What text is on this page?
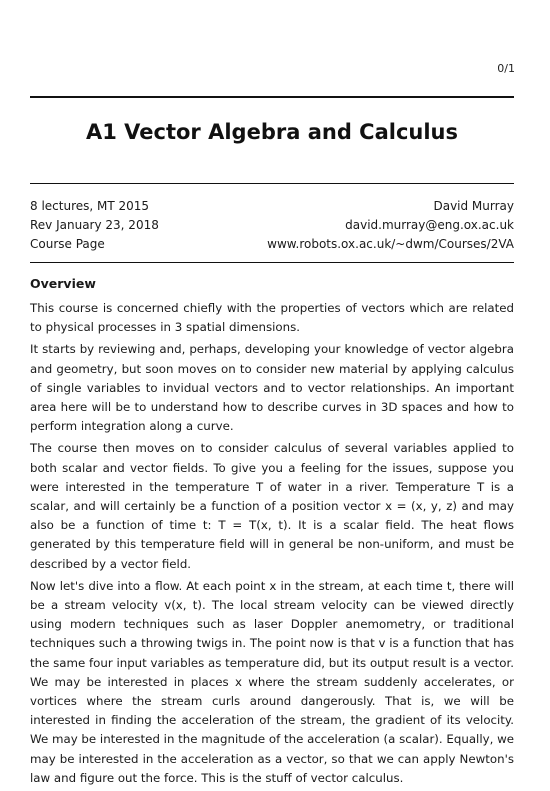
0/1
A1 Vector Algebra and Calculus
8 lectures, MT 2015	David Murray
Rev January 23, 2018	david.murray@eng.ox.ac.uk
Course Page	www.robots.ox.ac.uk/~dwm/Courses/2VA
Overview

This course is concerned chiefly with the properties of vectors which are related to physical processes in 3 spatial dimensions.

It starts by reviewing and, perhaps, developing your knowledge of vector algebra and geometry, but soon moves on to consider new material by applying calculus of single variables to invidual vectors and to vector relationships. An important area here will be to understand how to describe curves in 3D spaces and how to perform integration along a curve.

The course then moves on to consider calculus of several variables applied to both scalar and vector fields. To give you a feeling for the issues, suppose you were interested in the temperature T of water in a river. Temperature T is a scalar, and will certainly be a function of a position vector x = (x, y, z) and may also be a function of time t: T = T(x, t). It is a scalar field. The heat flows generated by this temperature field will in general be non-uniform, and must be described by a vector field.

Now let's dive into a flow. At each point x in the stream, at each time t, there will be a stream velocity v(x, t). The local stream velocity can be viewed directly using modern techniques such as laser Doppler anemometry, or traditional techniques such a throwing twigs in. The point now is that v is a function that has the same four input variables as temperature did, but its output result is a vector. We may be interested in places x where the stream suddenly accelerates, or vortices where the stream curls around dangerously. That is, we will be interested in finding the acceleration of the stream, the gradient of its velocity. We may be interested in the magnitude of the acceleration (a scalar). Equally, we may be interested in the acceleration as a vector, so that we can apply Newton's law and figure out the force. This is the stuff of vector calculus.
